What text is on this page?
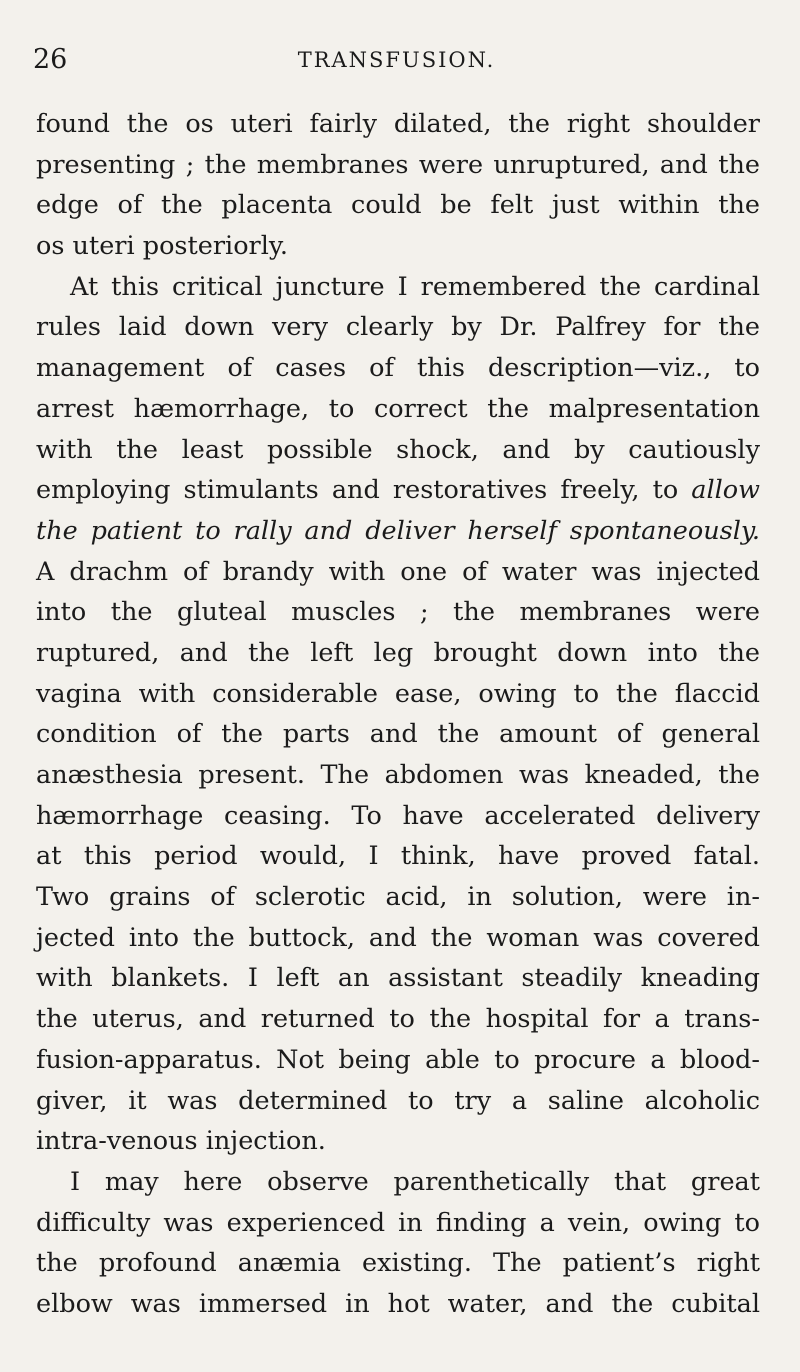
26	TRANSFUSION.
found the os uteri fairly dilated, the right shoulder
presenting ; the membranes were unruptured, and the
edge of the placenta could be felt just within the
os uteri posteriorly.
At this critical juncture I remembered the cardinal
rules laid down very clearly by Dr. Palfrey for the
management of cases of this description—viz., to
arrest hæmorrhage, to correct the malpresentation
with the least possible shock, and by cautiously
employing stimulants and restoratives freely, to allow
the patient to rally and deliver herself spontaneously.
A drachm of brandy with one of water was injected
into the gluteal muscles ; the membranes were
ruptured, and the left leg brought down into the
vagina with considerable ease, owing to the flaccid
condition of the parts and the amount of general
anæsthesia present. The abdomen was kneaded, the
hæmorrhage ceasing. To have accelerated delivery
at this period would, I think, have proved fatal.
Two grains of sclerotic acid, in solution, were in-
jected into the buttock, and the woman was covered
with blankets. I left an assistant steadily kneading
the uterus, and returned to the hospital for a trans-
fusion-apparatus. Not being able to procure a blood-
giver, it was determined to try a saline alcoholic
intra-venous injection.
I may here observe parenthetically that great
difficulty was experienced in finding a vein, owing to
the profound anæmia existing. The patient’s right
elbow was immersed in hot water, and the cubital
